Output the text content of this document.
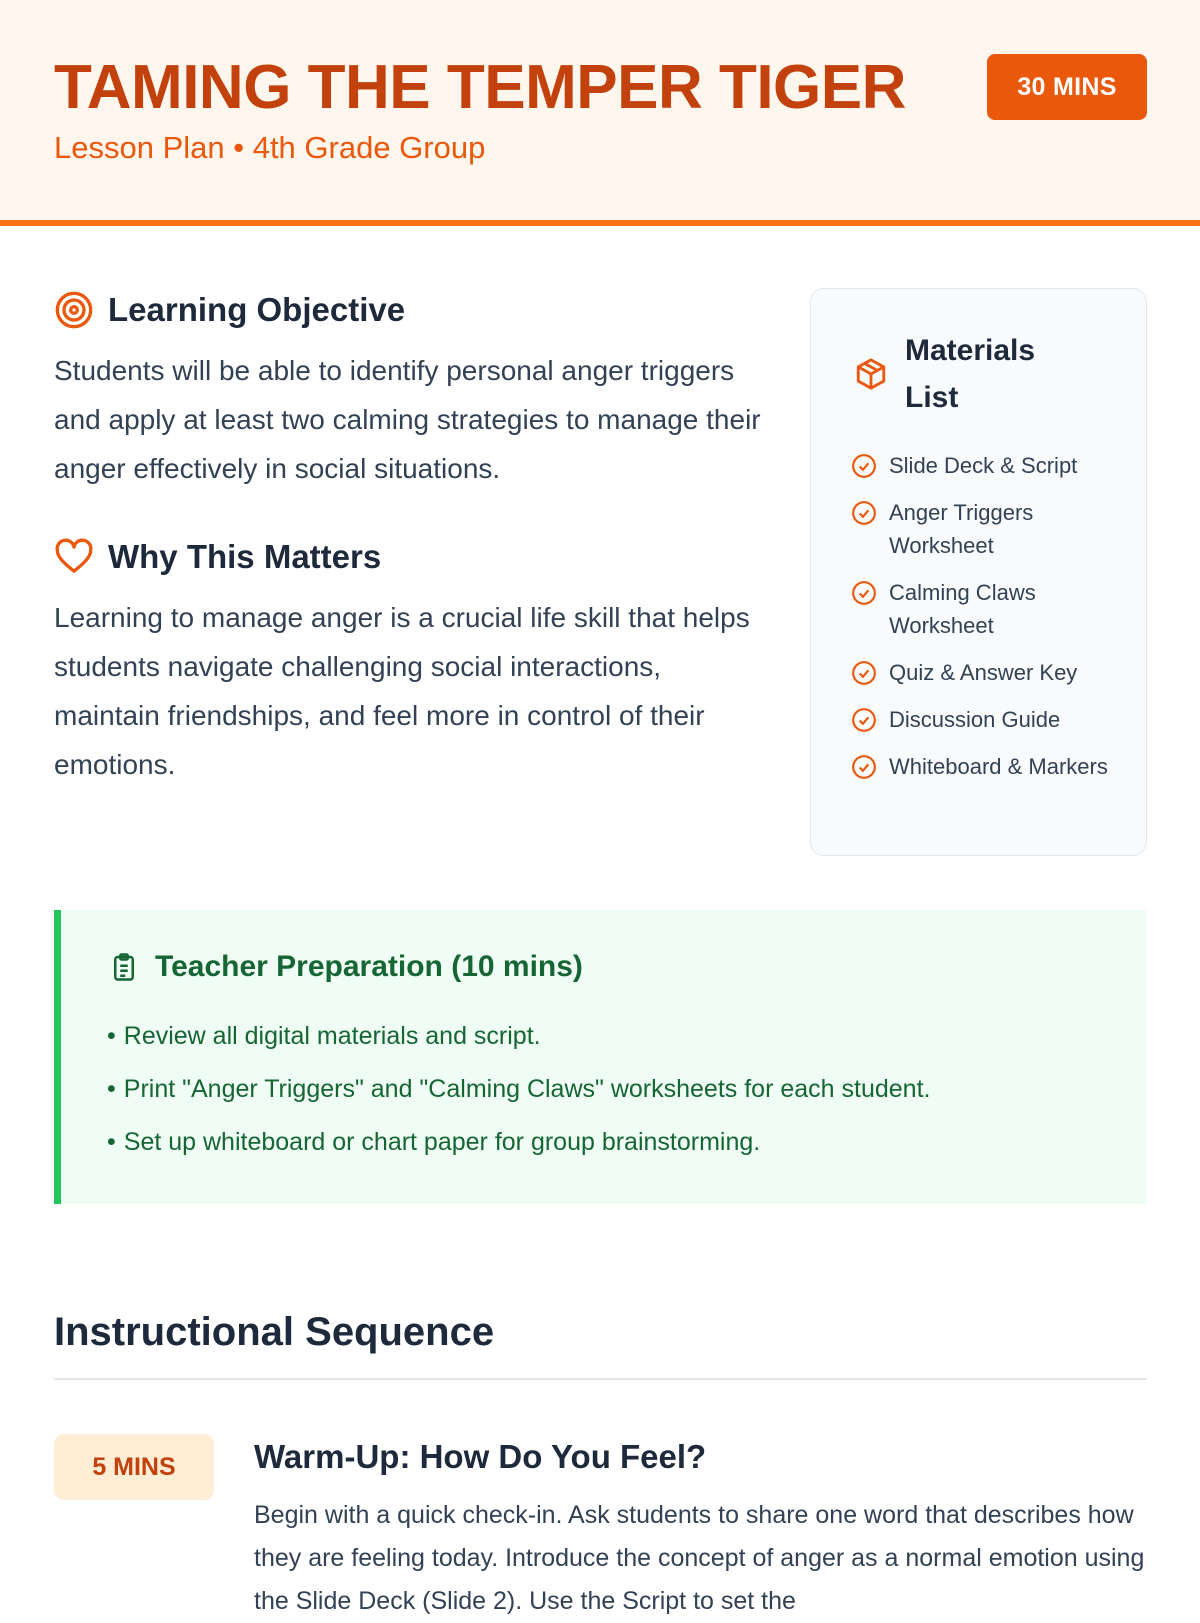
TAMING THE TEMPER TIGER
Lesson Plan • 4th Grade Group
30 MINS
Learning Objective

Students will be able to identify personal anger triggers and apply at least two calming strategies to manage their anger effectively in social situations.

Why This Matters

Learning to manage anger is a crucial life skill that helps students navigate challenging social interactions, maintain friendships, and feel more in control of their emotions.

Materials List
Slide Deck & Script
Anger Triggers Worksheet
Calming Claws Worksheet
Quiz & Answer Key
Discussion Guide
Whiteboard & Markers
Teacher Preparation (10 mins)
• Review all digital materials and script.
• Print "Anger Triggers" and "Calming Claws" worksheets for each student.
• Set up whiteboard or chart paper for group brainstorming.
Instructional Sequence
5 MINS	Warm-Up: How Do You Feel?

Begin with a quick check-in. Ask students to share one word that describes how they are feeling today. Introduce the concept of anger as a normal emotion using the Slide Deck (Slide 2). Use the Script to set the
